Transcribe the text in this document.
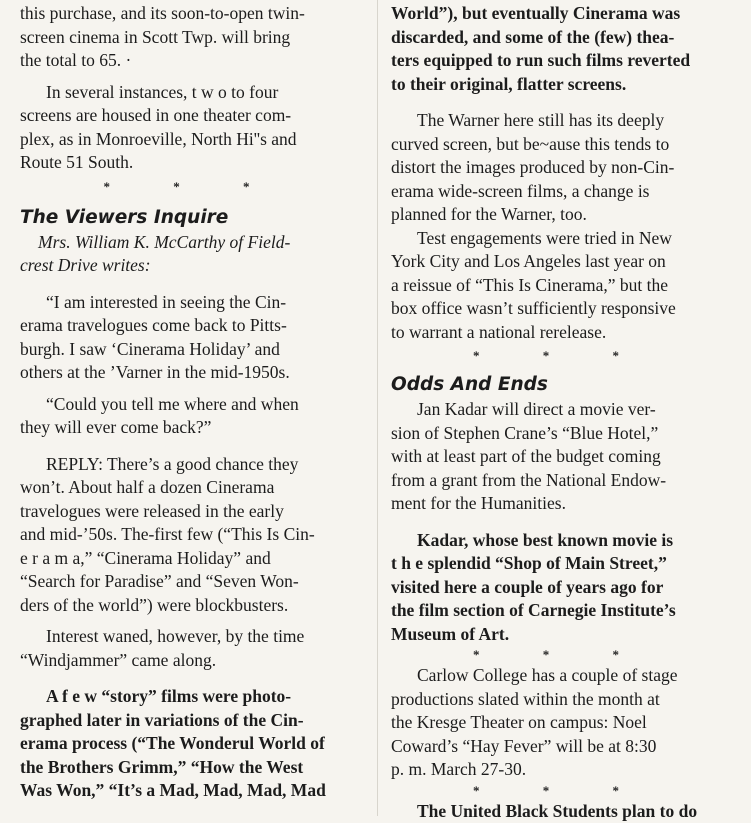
this purchase, and its soon-to-open twin-
screen cinema in Scott Twp. will bring
the total to 65. ·
In several instances, t w o to four
screens are housed in one theater com-
plex, as in Monroeville, North Hi''s and
Route 51 South.
* * *
The Viewers Inquire
Mrs. William K. McCarthy of Field-
crest Drive writes:
“I am interested in seeing the Cin-
erama travelogues come back to Pitts-
burgh. I saw ‘Cinerama Holiday’ and
others at the ’Varner in the mid-1950s.
“Could you tell me where and when
they will ever come back?”
REPLY: There’s a good chance they
won’t. About half a dozen Cinerama
travelogues were released in the early
and mid-’50s. The-first few (“This Is Cin-
e r a m a,” “Cinerama Holiday” and
“Search for Paradise” and “Seven Won-
ders of the world”) were blockbusters.
Interest waned, however, by the time
“Windjammer” came along.
A f e w “story” films were photo-
graphed later in variations of the Cin-
erama process (“The Wonderul World of
the Brothers Grimm,” “How the West
Was Won,” “It’s a Mad, Mad, Mad, Mad
World”), but eventually Cinerama was
discarded, and some of the (few) thea-
ters equipped to run such films reverted
to their original, flatter screens.
The Warner here still has its deeply
curved screen, but be~ause this tends to
distort the images produced by non-Cin-
erama wide-screen films, a change is
planned for the Warner, too.
Test engagements were tried in New
York City and Los Angeles last year on
a reissue of “This Is Cinerama,” but the
box office wasn’t sufficiently responsive
to warrant a national rerelease.
* * *
Odds And Ends
Jan Kadar will direct a movie ver-
sion of Stephen Crane’s “Blue Hotel,”
with at least part of the budget coming
from a grant from the National Endow-
ment for the Humanities.
Kadar, whose best known movie is
t h e splendid “Shop of Main Street,”
visited here a couple of years ago for
the film section of Carnegie Institute’s
Museum of Art.
* * *
Carlow College has a couple of stage
productions slated within the month at
the Kresge Theater on campus: Noel
Coward’s “Hay Fever” will be at 8:30
p. m. March 27-30.
* * *
The United Black Students plan to do
